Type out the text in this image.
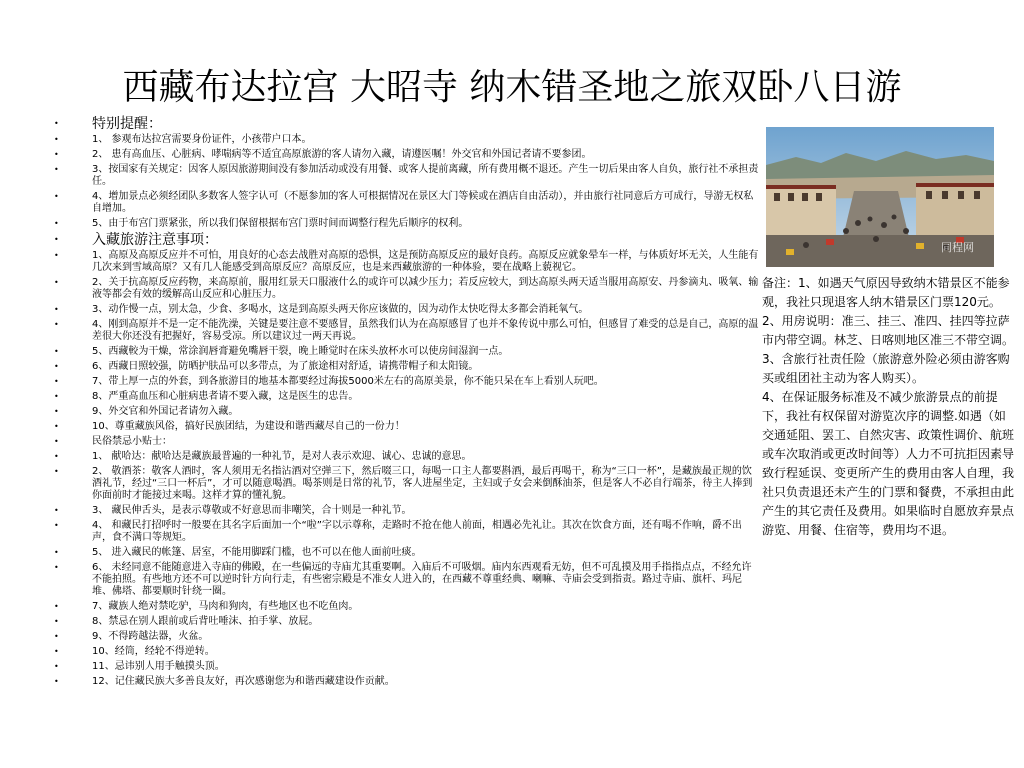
西藏布达拉宫 大昭寺 纳木错圣地之旅双卧八日游
• 特别提醒：
• 1、 参观布达拉宫需要身份证件，小孩带户口本。
• 2、 患有高血压、心脏病、哮喘病等不适宜高原旅游的客人请勿入藏，请遵医嘱！外交官和外国记者请不要参团。
• 3、按国家有关规定：因客人原因旅游期间没有参加活动或没有用餐、或客人提前离藏，所有费用概不退还。产生一切后果由客人自负，旅行社不承担责任。
• 4、增加景点必须经团队多数客人签字认可（不愿参加的客人可根据情况在景区大门等候或在酒店自由活动），并由旅行社同意后方可成行，导游无权私自增加。
• 5、由于布宫门票紧张，所以我们保留根据布宫门票时间而调整行程先后顺序的权利。
• 入藏旅游注意事项：
• 1、高原及高原反应并不可怕，用良好的心态去战胜对高原的恐惧，这是预防高原反应的最好良药。高原反应就象晕车一样，与体质好坏无关，人生能有几次来到雪域高原？又有几人能感受到高原反应？高原反应，也是来西藏旅游的一种体验，要在战略上藐视它。
• 2、关于抗高原反应药物，来高原前，服用红景天口服液什么的或许可以减少压力；若反应较大，到达高原头两天适当服用高原安、丹参滴丸、吸氧、输液等都会有效的缓解高山反应和心脏压力。
• 3、动作慢一点，别太急，少食、多喝水，这是到高原头两天你应该做的，因为动作太快吃得太多都会消耗氧气。
• 4、刚到高原并不是一定不能洗澡，关键是要注意不要感冒，虽然我们认为在高原感冒了也并不象传说中那么可怕，但感冒了难受的总是自己，高原的温差很大你还没有把握好，容易受凉。所以建议过一两天再说。
• 5、西藏較为干燥，常涂润唇膏避免嘴唇干裂，晚上睡觉时在床头放杯水可以使房间湿润一点。
• 6、西藏日照较强，防晒护肤品可以多带点，为了旅途相对舒适，请携带帽子和太阳镜。
• 7、带上厚一点的外套，到各旅游目的地基本都要经过海拔5000米左右的高原美景，你不能只呆在车上看别人玩吧。
• 8、严重高血压和心脏病患者请不要入藏，这是医生的忠告。
• 9、外交官和外国记者请勿入藏。
• 10、尊重藏族风俗，搞好民族团结，为建设和谐西藏尽自己的一份力！
• 民俗禁忌小贴士：
• 1、 献哈达：献哈达是藏族最普遍的一种礼节，是对人表示欢迎、诚心、忠诚的意思。
• 2、 敬酒茶：敬客人酒时，客人须用无名指沾酒对空弹三下，然后啜三口，每喝一口主人都要斟酒，最后再喝干，称为“三口一杯”，是藏族最正规的饮酒礼节，经过“三口一杯后”，才可以随意喝酒。喝茶则是日常的礼节，客人进屋坐定，主妇或子女会来倒酥油茶，但是客人不必自行端茶，待主人捧到你面前时才能接过来喝。这样才算的懂礼貌。
• 3、 藏民伸舌头，是表示尊敬或不好意思而非嘲笑，合十则是一种礼节。
• 4、 和藏民打招呼时一般要在其名字后面加一个“啦”字以示尊称，走路时不抢在他人前面，相遇必先礼让。其次在饮食方面，还有喝不作响，爵不出声，食不满口等规矩。
• 5、 进入藏民的帐篷、居室，不能用脚踩门槛，也不可以在他人面前吐痰。
• 6、 未经同意不能随意进入寺庙的佛殿，在一些偏远的寺庙尤其重要啊。入庙后不可吸烟。庙内东西观看无妨，但不可乱摸及用手指指点点，不经允许不能拍照。有些地方还不可以逆时针方向行走，有些密宗殿是不准女人进入的，在西藏不尊重经典、喇嘛、寺庙会受到指责。路过寺庙、旗杆、玛尼堆、佛塔、都要顺时针绕一圈。
• 7、藏族人绝对禁吃驴，马肉和狗肉，有些地区也不吃鱼肉。
• 8、禁忌在别人跟前或后背吐唾沫、拍手掌、放屁。
• 9、不得跨越法器，火盆。
• 10、经筒，经轮不得逆转。
• 11、忌讳别人用手触摸头顶。
• 12、记住藏民族大多善良友好，再次感谢您为和谐西藏建设作贡献。
同程网

备注：1、如遇天气原因导致纳木错景区不能参观，我社只现退客人纳木错景区门票120元。

2、用房说明：准三、挂三、准四、挂四等拉萨市内带空调。林芝、日喀则地区准三不带空调。

3、含旅行社责任险（旅游意外险必须由游客购买或组团社主动为客人购买）。

4、在保证服务标准及不减少旅游景点的前提下，我社有权保留对游览次序的调整.如遇（如交通延阻、罢工、自然灾害、政策性调价、航班或车次取消或更改时间等）人力不可抗拒因素导致行程延误、变更所产生的费用由客人自理，我社只负责退还未产生的门票和餐费，不承担由此产生的其它责任及费用。如果临时自愿放弃景点游览、用餐、住宿等，费用均不退。
